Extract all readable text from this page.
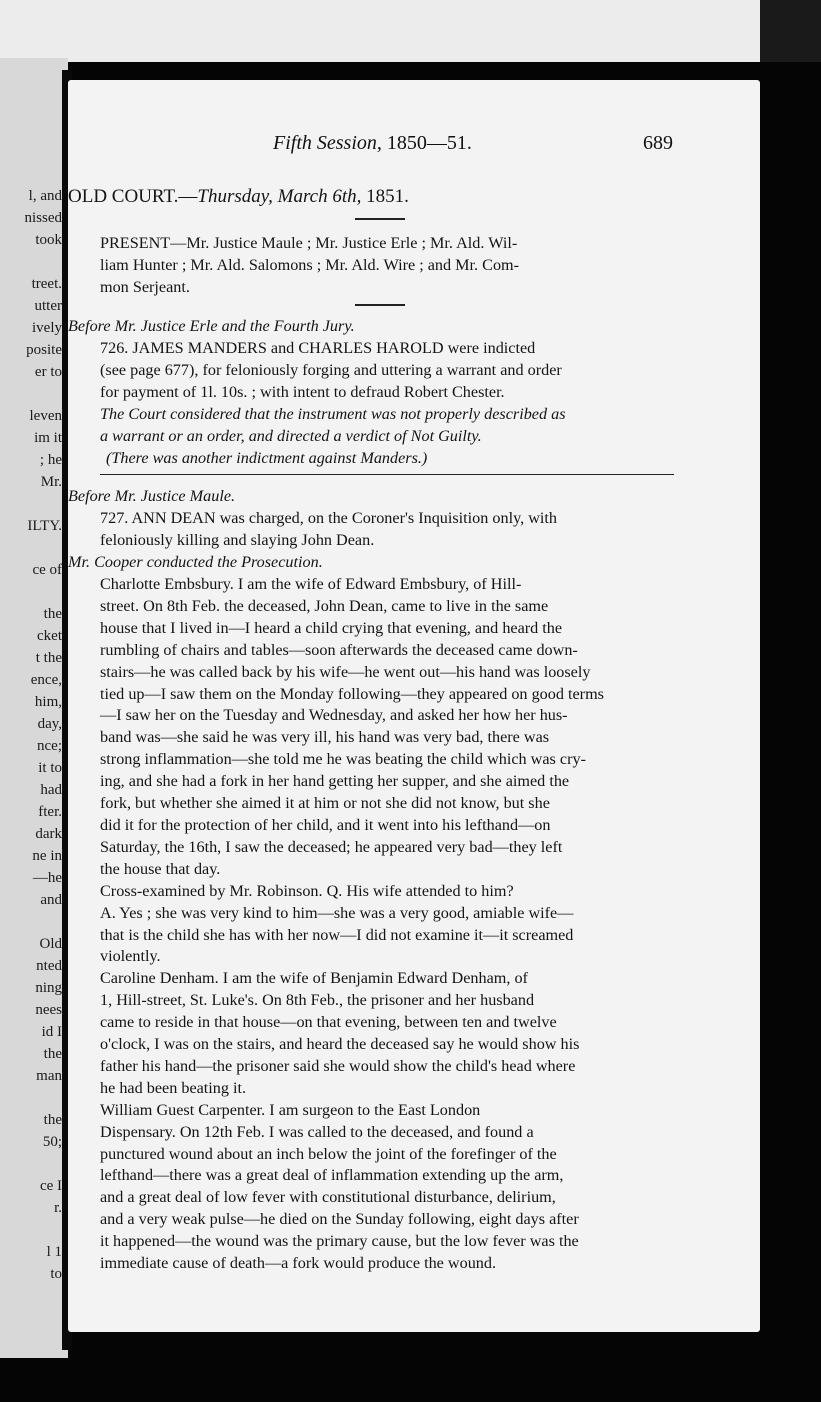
l, and
nissed
took
treet.
utter
ively
posite
er to
leven
im it
; he
Mr.
ILTY.
ce of
the
cket
t the
ence,
him,
day,
nce;
it to
had
fter.
dark
ne in
—he
and
Old
nted
ning
nees
id I
the
man
the
50;
ce I
r.
l 1
to
Fifth Session, 1850—51.	689
OLD COURT.—Thursday, March 6th, 1851.
PRESENT—Mr. Justice Maule ; Mr. Justice Erle ; Mr. Ald. Wil-
liam Hunter ; Mr. Ald. Salomons ; Mr. Ald. Wire ; and Mr. Com-
mon Serjeant.
Before Mr. Justice Erle and the Fourth Jury.
726. JAMES MANDERS and CHARLES HAROLD were indicted
(see page 677), for feloniously forging and uttering a warrant and order
for payment of 1l. 10s. ; with intent to defraud Robert Chester.
The Court considered that the instrument was not properly described as
a warrant or an order, and directed a verdict of Not Guilty.
(There was another indictment against Manders.)
Before Mr. Justice Maule.
727. ANN DEAN was charged, on the Coroner's Inquisition only, with
feloniously killing and slaying John Dean.
Mr. Cooper conducted the Prosecution.
Charlotte Embsbury. I am the wife of Edward Embsbury, of Hill-
street. On 8th Feb. the deceased, John Dean, came to live in the same
house that I lived in—I heard a child crying that evening, and heard the
rumbling of chairs and tables—soon afterwards the deceased came down-
stairs—he was called back by his wife—he went out—his hand was loosely
tied up—I saw them on the Monday following—they appeared on good terms
—I saw her on the Tuesday and Wednesday, and asked her how her hus-
band was—she said he was very ill, his hand was very bad, there was
strong inflammation—she told me he was beating the child which was cry-
ing, and she had a fork in her hand getting her supper, and she aimed the
fork, but whether she aimed it at him or not she did not know, but she
did it for the protection of her child, and it went into his lefthand—on
Saturday, the 16th, I saw the deceased; he appeared very bad—they left
the house that day.
Cross-examined by Mr. Robinson. Q. His wife attended to him?
A. Yes ; she was very kind to him—she was a very good, amiable wife—
that is the child she has with her now—I did not examine it—it screamed
violently.
Caroline Denham. I am the wife of Benjamin Edward Denham, of
1, Hill-street, St. Luke's. On 8th Feb., the prisoner and her husband
came to reside in that house—on that evening, between ten and twelve
o'clock, I was on the stairs, and heard the deceased say he would show his
father his hand—the prisoner said she would show the child's head where
he had been beating it.
William Guest Carpenter. I am surgeon to the East London
Dispensary. On 12th Feb. I was called to the deceased, and found a
punctured wound about an inch below the joint of the forefinger of the
lefthand—there was a great deal of inflammation extending up the arm,
and a great deal of low fever with constitutional disturbance, delirium,
and a very weak pulse—he died on the Sunday following, eight days after
it happened—the wound was the primary cause, but the low fever was the
immediate cause of death—a fork would produce the wound.
